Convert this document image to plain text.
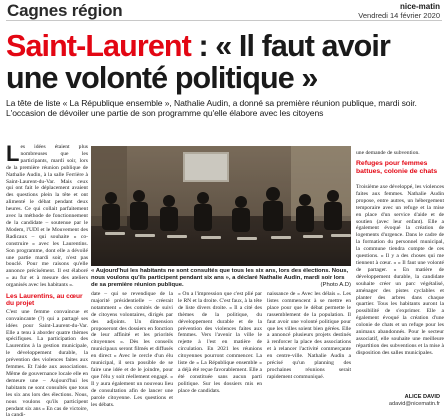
Cagnes région	nice-matin
Vendredi 14 février 2020
Saint-Laurent : « Il faut avoir une volonté politique »

La tête de liste « La République ensemble », Nathalie Audin, a donné sa première réunion publique, mardi soir. L'occasion de dévoiler une partie de son programme qu'elle élabore avec les citoyens

Les idées étaient plus nombreuses que les participants, mardi soir, lors de la première réunion publique de Nathalie Audin, à la salle Ferrière à Saint-Laurent-du-Var. Mais ceux qui ont fait le déplacement avaient des questions plein la tête et ont alimenté le débat pendant deux heures. Ce qui collait parfaitement avec la méthode de fonctionnement de la candidate – soutenue par le Modem, l'UDI et le Mouvement des Radicaux – qui souhaite « co-construire » avec les Laurentins. Son programme, dont elle a dévoilé une partie mardi soir, n'est pas bouclé. Pour me raisons qu'elle annonce précisément. Il est élaboré « au fur et à mesure des ateliers organisés avec les habitants ».
Les Laurentins, au cœur du projet
C'est une femme convaincue et convaincante (?) qui a partagé ses idées pour Saint-Laurent-du-Var. Elle a tenu à aborder quatre thèmes spécifiques. La participation des Laurentins à la gestion municipale, le développement durable, la prévention des violences faites aux femmes. Et l'aide aux associations. Même de gouvernance locale elle en demeure une – Aujourd'hui les habitants ne sont consultés que tous les six ans lors des élections. Nous, nous voulons qu'ils participent pendant six ans » En cas de victoire, la candi-
« Aujourd'hui les habitants ne sont consultés que tous les six ans, lors des élections. Nous, nous voulons qu'ils participent pendant six ans », a déclaré Nathalie Audin, mardi soir lors de sa première réunion publique.	(Photo A.D)
date – qui se revendique de la majorité présidentielle – créerait notamment « des comités de suivi de citoyens volontaires, dirigés par des adjoints. Un dimension proposeront des dossiers en fonction de leur affinité et les priorités citoyennes ». Dès les conseils municipaux seront filmés et diffusés en direct « Avec le cercle d'un élu municipal, il sera possible de se faire une idée et de le joindre, pour que l'élu y soit réellement engagé. » Il y aura également un nouveau lieu de consultation afin de lancer une parole citoyenne. Les questions et les débats.
« On a l'impression que c'est plié par le RN et la droite. C'est faux, à la tête de liste divers droite. » Il a cité des thèmes de la politique, du développement durable et de la prévention des violences faites aux femmes. Vers l'avenir la ville le rejette à l'est en matière de circulation. En 2021 les réunions citoyennes pourront commencer. La liste de « La République ensemble » a déjà été reçue favorablement. Elle a été constituée sans aucun parti politique. Sur les dossiers mis en place de candidats.
naissance de « Avec les délais ». Les listes commencent à se mettre en place pour que le débat permette le rassemblement de la population. Il faut avoir une volonté politique pour que les villes soient bien gérées. Elle a annoncé plusieurs projets destinés à renforcer la place des associations et à relancer l'activité commerçante en centre-ville. Nathalie Audin a précisé qu'un planning des prochaines réunions serait rapidement communiqué.
une demande de subvention.
Refuges pour femmes battues, colonie de chats
Troisième axe développé, les violences faites aux femmes. Nathalie Audin propose, entre autres, un hébergement temporaire avec un refuge et la mise en place d'un service d'aide et de soutien (avec leur enfant). Elle a également évoqué la création de logements d'urgence. Dans le cadre de la formation du personnel municipal, la commune tiendra compte de ces questions. « Il y a des choses qui me tiennent à cœur. » « Il faut une volonté de partager. » En matière de développement durable, la candidate souhaite créer un parc végétalisé, aménager des pistes cyclables et planter des arbres dans chaque quartier. Tous les habitants auront la possibilité de s'exprimer. Elle a également évoqué la création d'une colonie de chats et un refuge pour les animaux abandonnés. Pour le secteur associatif, elle souhaite une meilleure répartition des subventions et la mise à disposition des salles municipales.
ALICE DAVID
adavid@nicematin.fr
